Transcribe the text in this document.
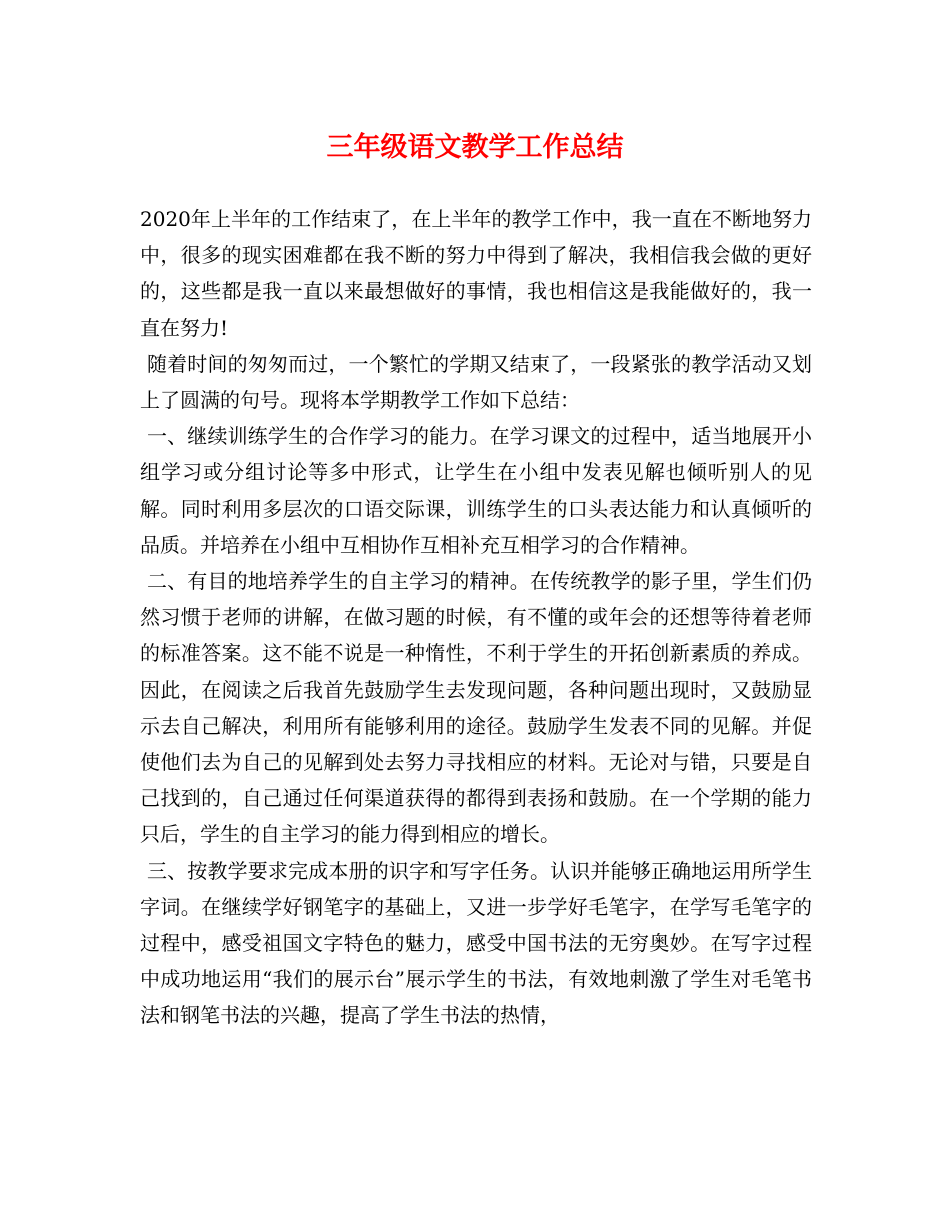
三年级语文教学工作总结

2020年上半年的工作结束了，在上半年的教学工作中，我一直在不断地努力中，很多的现实困难都在我不断的努力中得到了解决，我相信我会做的更好的，这些都是我一直以来最想做好的事情，我也相信这是我能做好的，我一直在努力!

随着时间的匆匆而过，一个繁忙的学期又结束了，一段紧张的教学活动又划上了圆满的句号。现将本学期教学工作如下总结：

一、继续训练学生的合作学习的能力。在学习课文的过程中，适当地展开小组学习或分组讨论等多中形式，让学生在小组中发表见解也倾听别人的见解。同时利用多层次的口语交际课，训练学生的口头表达能力和认真倾听的品质。并培养在小组中互相协作互相补充互相学习的合作精神。

二、有目的地培养学生的自主学习的精神。在传统教学的影子里，学生们仍然习惯于老师的讲解，在做习题的时候，有不懂的或年会的还想等待着老师的标准答案。这不能不说是一种惰性，不利于学生的开拓创新素质的养成。因此，在阅读之后我首先鼓励学生去发现问题，各种问题出现时，又鼓励显示去自己解决，利用所有能够利用的途径。鼓励学生发表不同的见解。并促使他们去为自己的见解到处去努力寻找相应的材料。无论对与错，只要是自己找到的，自己通过任何渠道获得的都得到表扬和鼓励。在一个学期的能力只后，学生的自主学习的能力得到相应的增长。

三、按教学要求完成本册的识字和写字任务。认识并能够正确地运用所学生字词。在继续学好钢笔字的基础上，又进一步学好毛笔字，在学写毛笔字的过程中，感受祖国文字特色的魅力，感受中国书法的无穷奥妙。在写字过程中成功地运用“我们的展示台”展示学生的书法，有效地刺激了学生对毛笔书法和钢笔书法的兴趣，提高了学生书法的热情，
